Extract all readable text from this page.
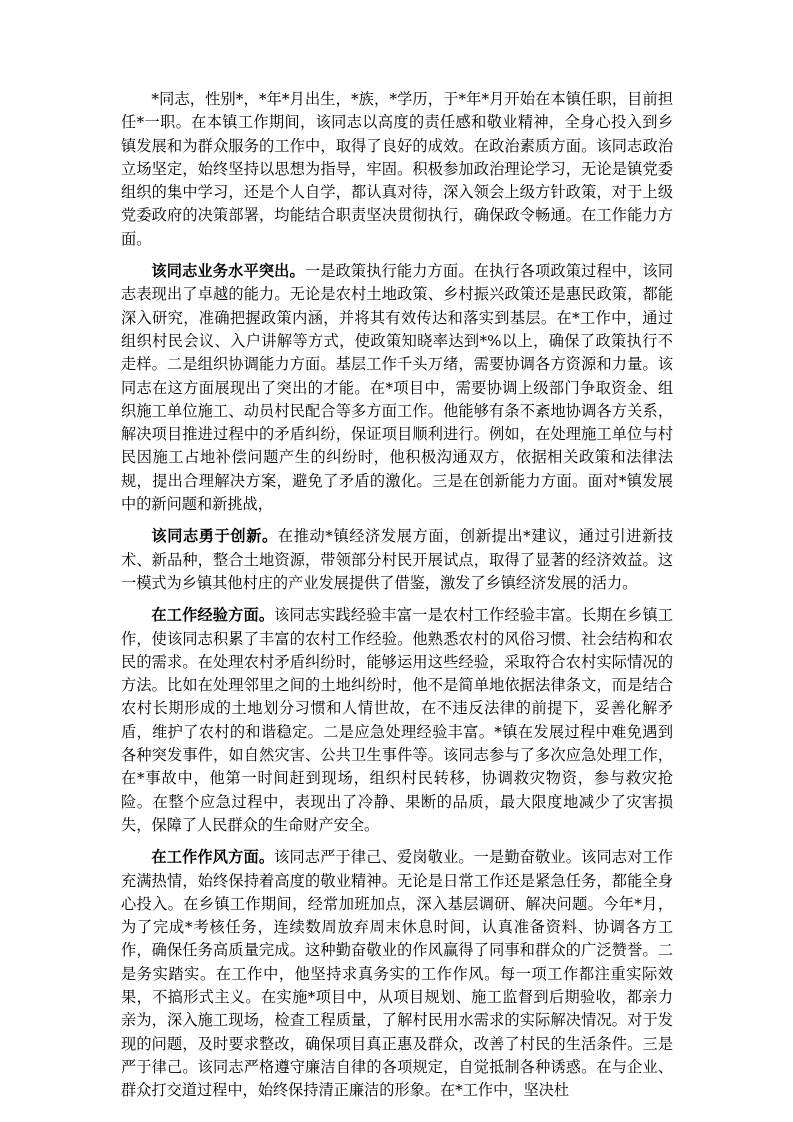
*同志，性别*，*年*月出生，*族，*学历，于*年*月开始在本镇任职，目前担任*一职。在本镇工作期间，该同志以高度的责任感和敬业精神，全身心投入到乡镇发展和为群众服务的工作中，取得了良好的成效。在政治素质方面。该同志政治立场坚定，始终坚持以思想为指导，牢固。积极参加政治理论学习，无论是镇党委组织的集中学习，还是个人自学，都认真对待，深入领会上级方针政策，对于上级党委政府的决策部署，均能结合职责坚决贯彻执行，确保政令畅通。在工作能力方面。

该同志业务水平突出。一是政策执行能力方面。在执行各项政策过程中，该同志表现出了卓越的能力。无论是农村土地政策、乡村振兴政策还是惠民政策，都能深入研究，准确把握政策内涵，并将其有效传达和落实到基层。在*工作中，通过组织村民会议、入户讲解等方式，使政策知晓率达到*%以上，确保了政策执行不走样。二是组织协调能力方面。基层工作千头万绪，需要协调各方资源和力量。该同志在这方面展现出了突出的才能。在*项目中，需要协调上级部门争取资金、组织施工单位施工、动员村民配合等多方面工作。他能够有条不紊地协调各方关系，解决项目推进过程中的矛盾纠纷，保证项目顺利进行。例如，在处理施工单位与村民因施工占地补偿问题产生的纠纷时，他积极沟通双方，依据相关政策和法律法规，提出合理解决方案，避免了矛盾的激化。三是在创新能力方面。面对*镇发展中的新问题和新挑战，

该同志勇于创新。在推动*镇经济发展方面，创新提出*建议，通过引进新技术、新品种，整合土地资源，带领部分村民开展试点，取得了显著的经济效益。这一模式为乡镇其他村庄的产业发展提供了借鉴，激发了乡镇经济发展的活力。

在工作经验方面。该同志实践经验丰富一是农村工作经验丰富。长期在乡镇工作，使该同志积累了丰富的农村工作经验。他熟悉农村的风俗习惯、社会结构和农民的需求。在处理农村矛盾纠纷时，能够运用这些经验，采取符合农村实际情况的方法。比如在处理邻里之间的土地纠纷时，他不是简单地依据法律条文，而是结合农村长期形成的土地划分习惯和人情世故，在不违反法律的前提下，妥善化解矛盾，维护了农村的和谐稳定。二是应急处理经验丰富。*镇在发展过程中难免遇到各种突发事件，如自然灾害、公共卫生事件等。该同志参与了多次应急处理工作，在*事故中，他第一时间赶到现场，组织村民转移，协调救灾物资，参与救灾抢险。在整个应急过程中，表现出了冷静、果断的品质，最大限度地减少了灾害损失，保障了人民群众的生命财产安全。

在工作作风方面。该同志严于律己、爱岗敬业。一是勤奋敬业。该同志对工作充满热情，始终保持着高度的敬业精神。无论是日常工作还是紧急任务，都能全身心投入。在乡镇工作期间，经常加班加点，深入基层调研、解决问题。今年*月，为了完成*考核任务，连续数周放弃周末休息时间，认真准备资料、协调各方工作，确保任务高质量完成。这种勤奋敬业的作风赢得了同事和群众的广泛赞誉。二是务实踏实。在工作中，他坚持求真务实的工作作风。每一项工作都注重实际效果，不搞形式主义。在实施*项目中，从项目规划、施工监督到后期验收，都亲力亲为，深入施工现场，检查工程质量，了解村民用水需求的实际解决情况。对于发现的问题，及时要求整改，确保项目真正惠及群众，改善了村民的生活条件。三是严于律己。该同志严格遵守廉洁自律的各项规定，自觉抵制各种诱惑。在与企业、群众打交道过程中，始终保持清正廉洁的形象。在*工作中，坚决杜
